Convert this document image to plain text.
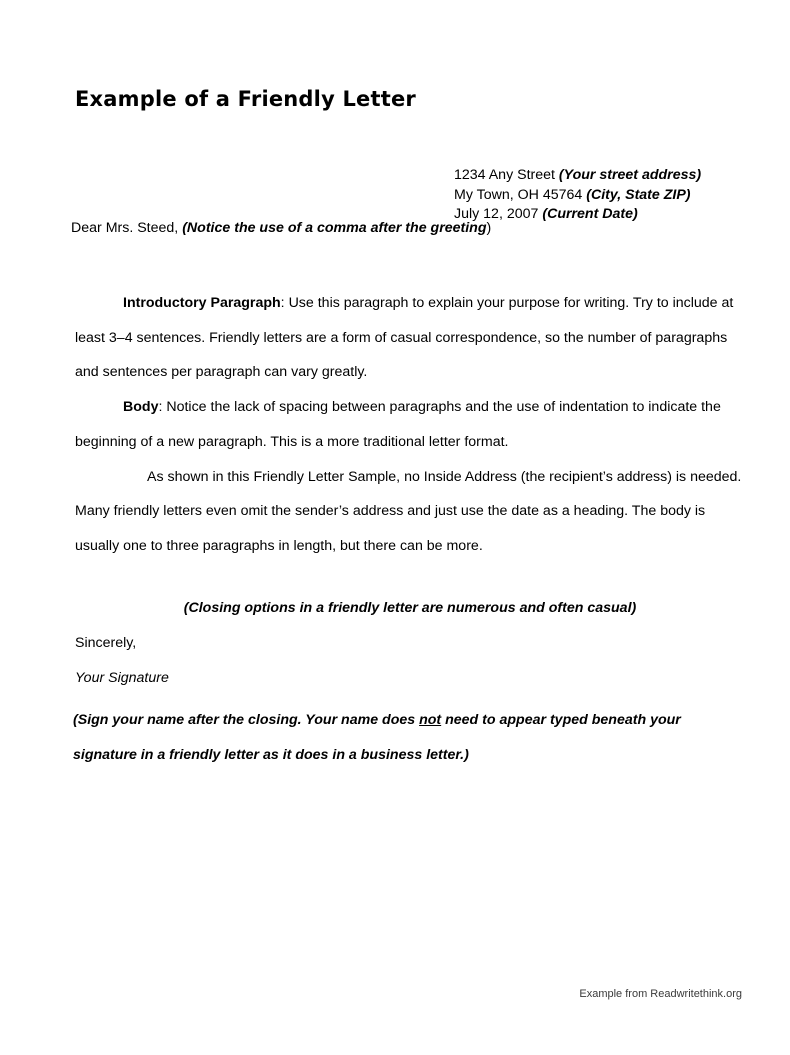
Example of a Friendly Letter
1234 Any Street (Your street address)
My Town, OH 45764 (City, State ZIP)
July 12, 2007 (Current Date)
Dear Mrs. Steed, (Notice the use of a comma after the greeting)

Introductory Paragraph: Use this paragraph to explain your purpose for writing. Try to include at least 3–4 sentences. Friendly letters are a form of casual correspondence, so the number of paragraphs and sentences per paragraph can vary greatly.

Body: Notice the lack of spacing between paragraphs and the use of indentation to indicate the beginning of a new paragraph. This is a more traditional letter format.

As shown in this Friendly Letter Sample, no Inside Address (the recipient’s address) is needed. Many friendly letters even omit the sender’s address and just use the date as a heading. The body is usually one to three paragraphs in length, but there can be more.

(Closing options in a friendly letter are numerous and often casual)
Sincerely,
Your Signature
(Sign your name after the closing. Your name does not need to appear typed beneath your signature in a friendly letter as it does in a business letter.)
Example from Readwritethink.org
